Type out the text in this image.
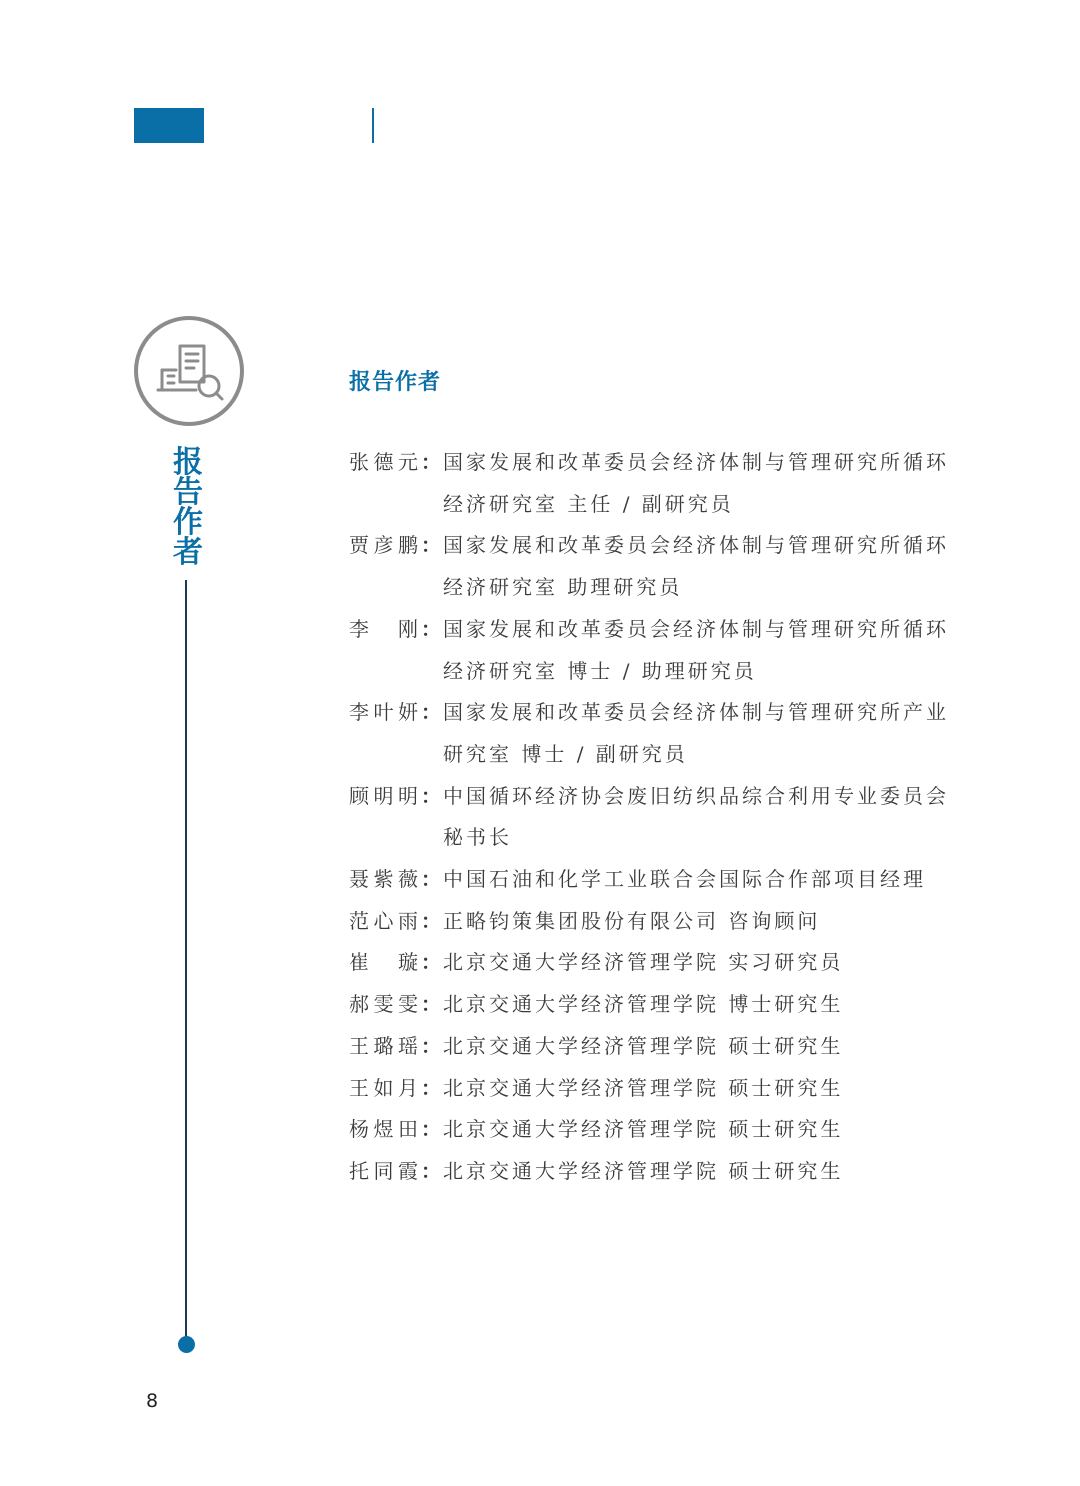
报
告
作
者
报告作者
张德元 ： 国家发展和改革委员会经济体制与管理研究所循环经济研究室 主任 / 副研究员
贾彦鹏 ： 国家发展和改革委员会经济体制与管理研究所循环经济研究室 助理研究员
李刚 ： 国家发展和改革委员会经济体制与管理研究所循环经济研究室 博士 / 助理研究员
李叶妍 ： 国家发展和改革委员会经济体制与管理研究所产业研究室 博士 / 副研究员
顾明明 ： 中国循环经济协会废旧纺织品综合利用专业委员会秘书长
聂紫薇 ： 中国石油和化学工业联合会国际合作部项目经理
范心雨 ： 正略钧策集团股份有限公司 咨询顾问
崔璇 ： 北京交通大学经济管理学院 实习研究员
郝雯雯 ： 北京交通大学经济管理学院 博士研究生
王璐瑶 ： 北京交通大学经济管理学院 硕士研究生
王如月 ： 北京交通大学经济管理学院 硕士研究生
杨煜田 ： 北京交通大学经济管理学院 硕士研究生
托同霞 ： 北京交通大学经济管理学院 硕士研究生
8
